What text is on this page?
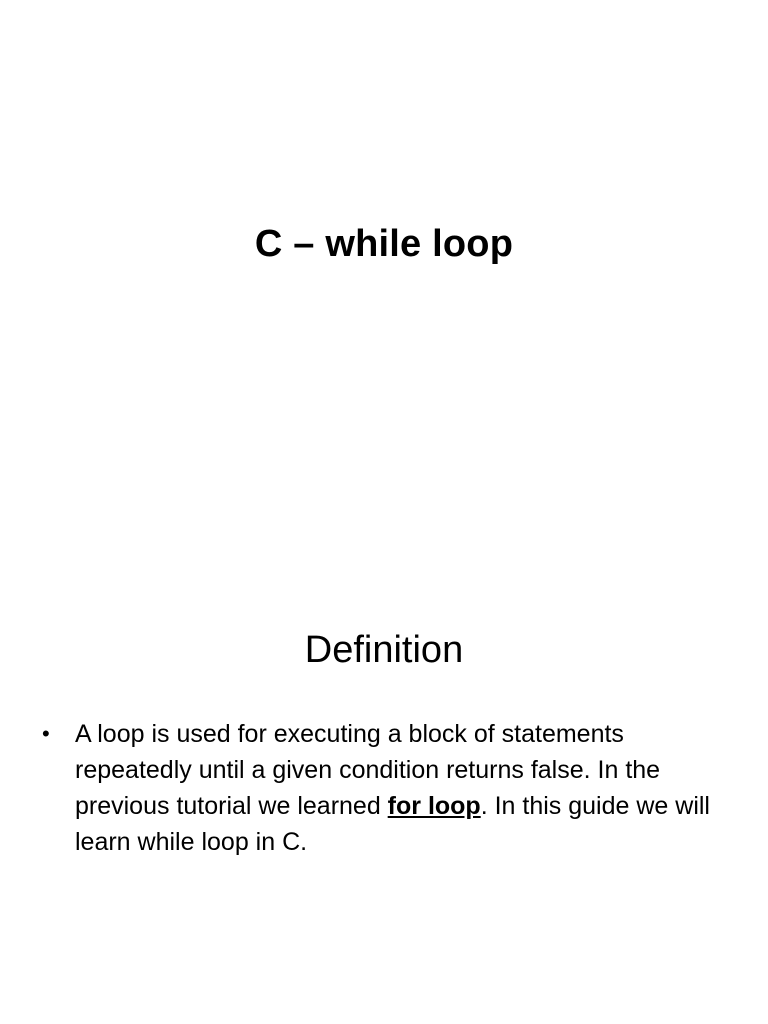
C – while loop
Definition
•	A loop is used for executing a block of statements repeatedly until a given condition returns false. In the previous tutorial we learned for loop. In this guide we will learn while loop in C.
